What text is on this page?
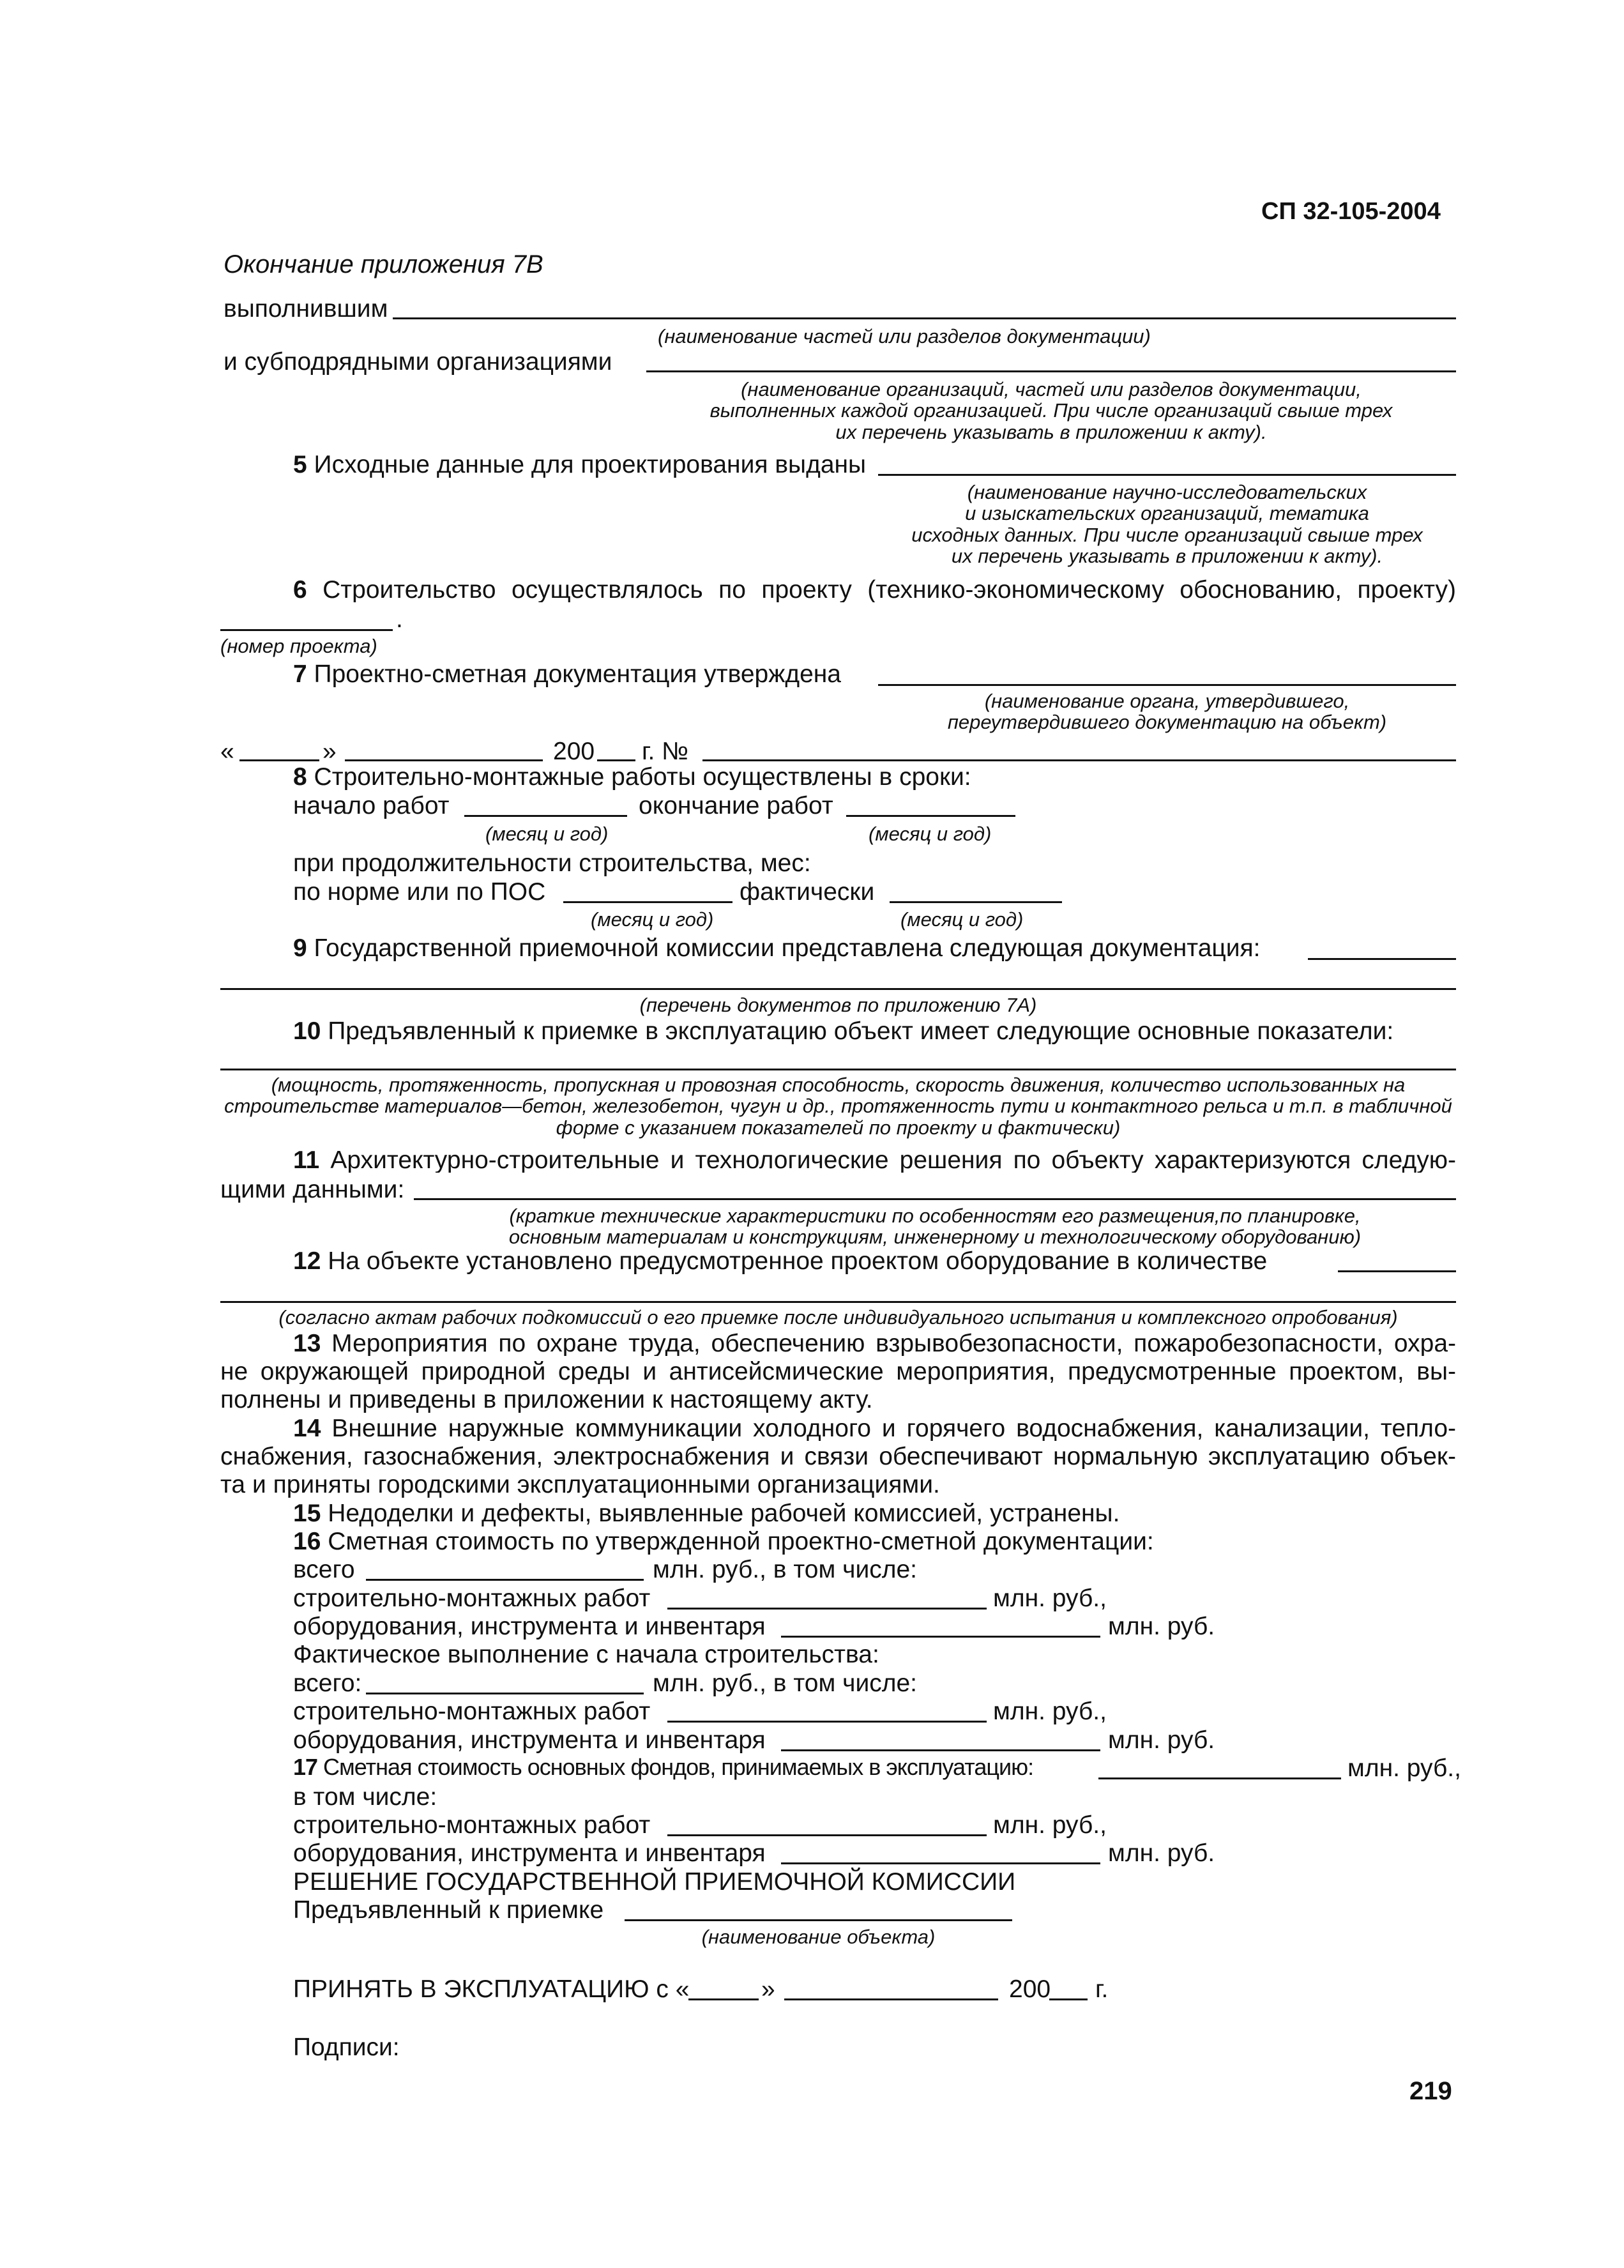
СП 32-105-2004
Окончание приложения 7В
выполнившим
(наименование частей или разделов документации)
и субподрядными организациями
(наименование организаций, частей или разделов документации,
выполненных каждой организацией. При числе организаций свыше трех
их перечень указывать в приложении к акту).
5 Исходные данные для проектирования выданы
(наименование научно-исследовательских
и изыскательских организаций, тематика
исходных данных. При числе организаций свыше трех
их перечень указывать в приложении к акту).
6 Строительство осуществлялось по проекту (технико-экономическому обоснованию, проекту)
.
(номер проекта)
7 Проектно-сметная документация утверждена
(наименование органа, утвердившего,
переутвердившего документацию на объект)
«	»	200 г. №
8 Строительно-монтажные работы осуществлены в сроки:
начало работ	окончание работ
(месяц и год)	(месяц и год)
при продолжительности строительства, мес:
по норме или по ПОС	фактически
(месяц и год)	(месяц и год)
9 Государственной приемочной комиссии представлена следующая документация:
(перечень документов по приложению 7А)
10 Предъявленный к приемке в эксплуатацию объект имеет следующие основные показатели:
(мощность, протяженность, пропускная и провозная способность, скорость движения, количество использованных на
строительстве материалов—бетон, железобетон, чугун и др., протяженность пути и контактного рельса и т.п. в табличной
форме с указанием показателей по проекту и фактически)
11 Архитектурно-строительные и технологические решения по объекту характеризуются следую-
щими данными:
(краткие технические характеристики по особенностям его размещения,по планировке,
основным материалам и конструкциям, инженерному и технологическому оборудованию)
12 На объекте установлено предусмотренное проектом оборудование в количестве
(согласно актам рабочих подкомиссий о его приемке после индивидуального испытания и комплексного опробования)
13 Мероприятия по охране труда, обеспечению взрывобезопасности, пожаробезопасности, охра-
не окружающей природной среды и антисейсмические мероприятия, предусмотренные проектом, вы-
полнены и приведены в приложении к настоящему акту.
14 Внешние наружные коммуникации холодного и горячего водоснабжения, канализации, тепло-
снабжения, газоснабжения, электроснабжения и связи обеспечивают нормальную эксплуатацию объек-
та и приняты городскими эксплуатационными организациями.
15 Недоделки и дефекты, выявленные рабочей комиссией, устранены.
16 Сметная стоимость по утвержденной проектно-сметной документации:
всего	млн. руб., в том числе:
строительно-монтажных работ	млн. руб.,
оборудования, инструмента и инвентаря	млн. руб.
Фактическое выполнение с начала строительства:
всего:	млн. руб., в том числе:
строительно-монтажных работ	млн. руб.,
оборудования, инструмента и инвентаря	млн. руб.
17 Сметная стоимость основных фондов, принимаемых в эксплуатацию:	млн. руб.,
в том числе:
строительно-монтажных работ	млн. руб.,
оборудования, инструмента и инвентаря	млн. руб.
РЕШЕНИЕ ГОСУДАРСТВЕННОЙ ПРИЕМОЧНОЙ КОМИССИИ
Предъявленный к приемке
(наименование объекта)
ПРИНЯТЬ В ЭКСПЛУАТАЦИЮ с «	»	200 г.
Подписи:
219
